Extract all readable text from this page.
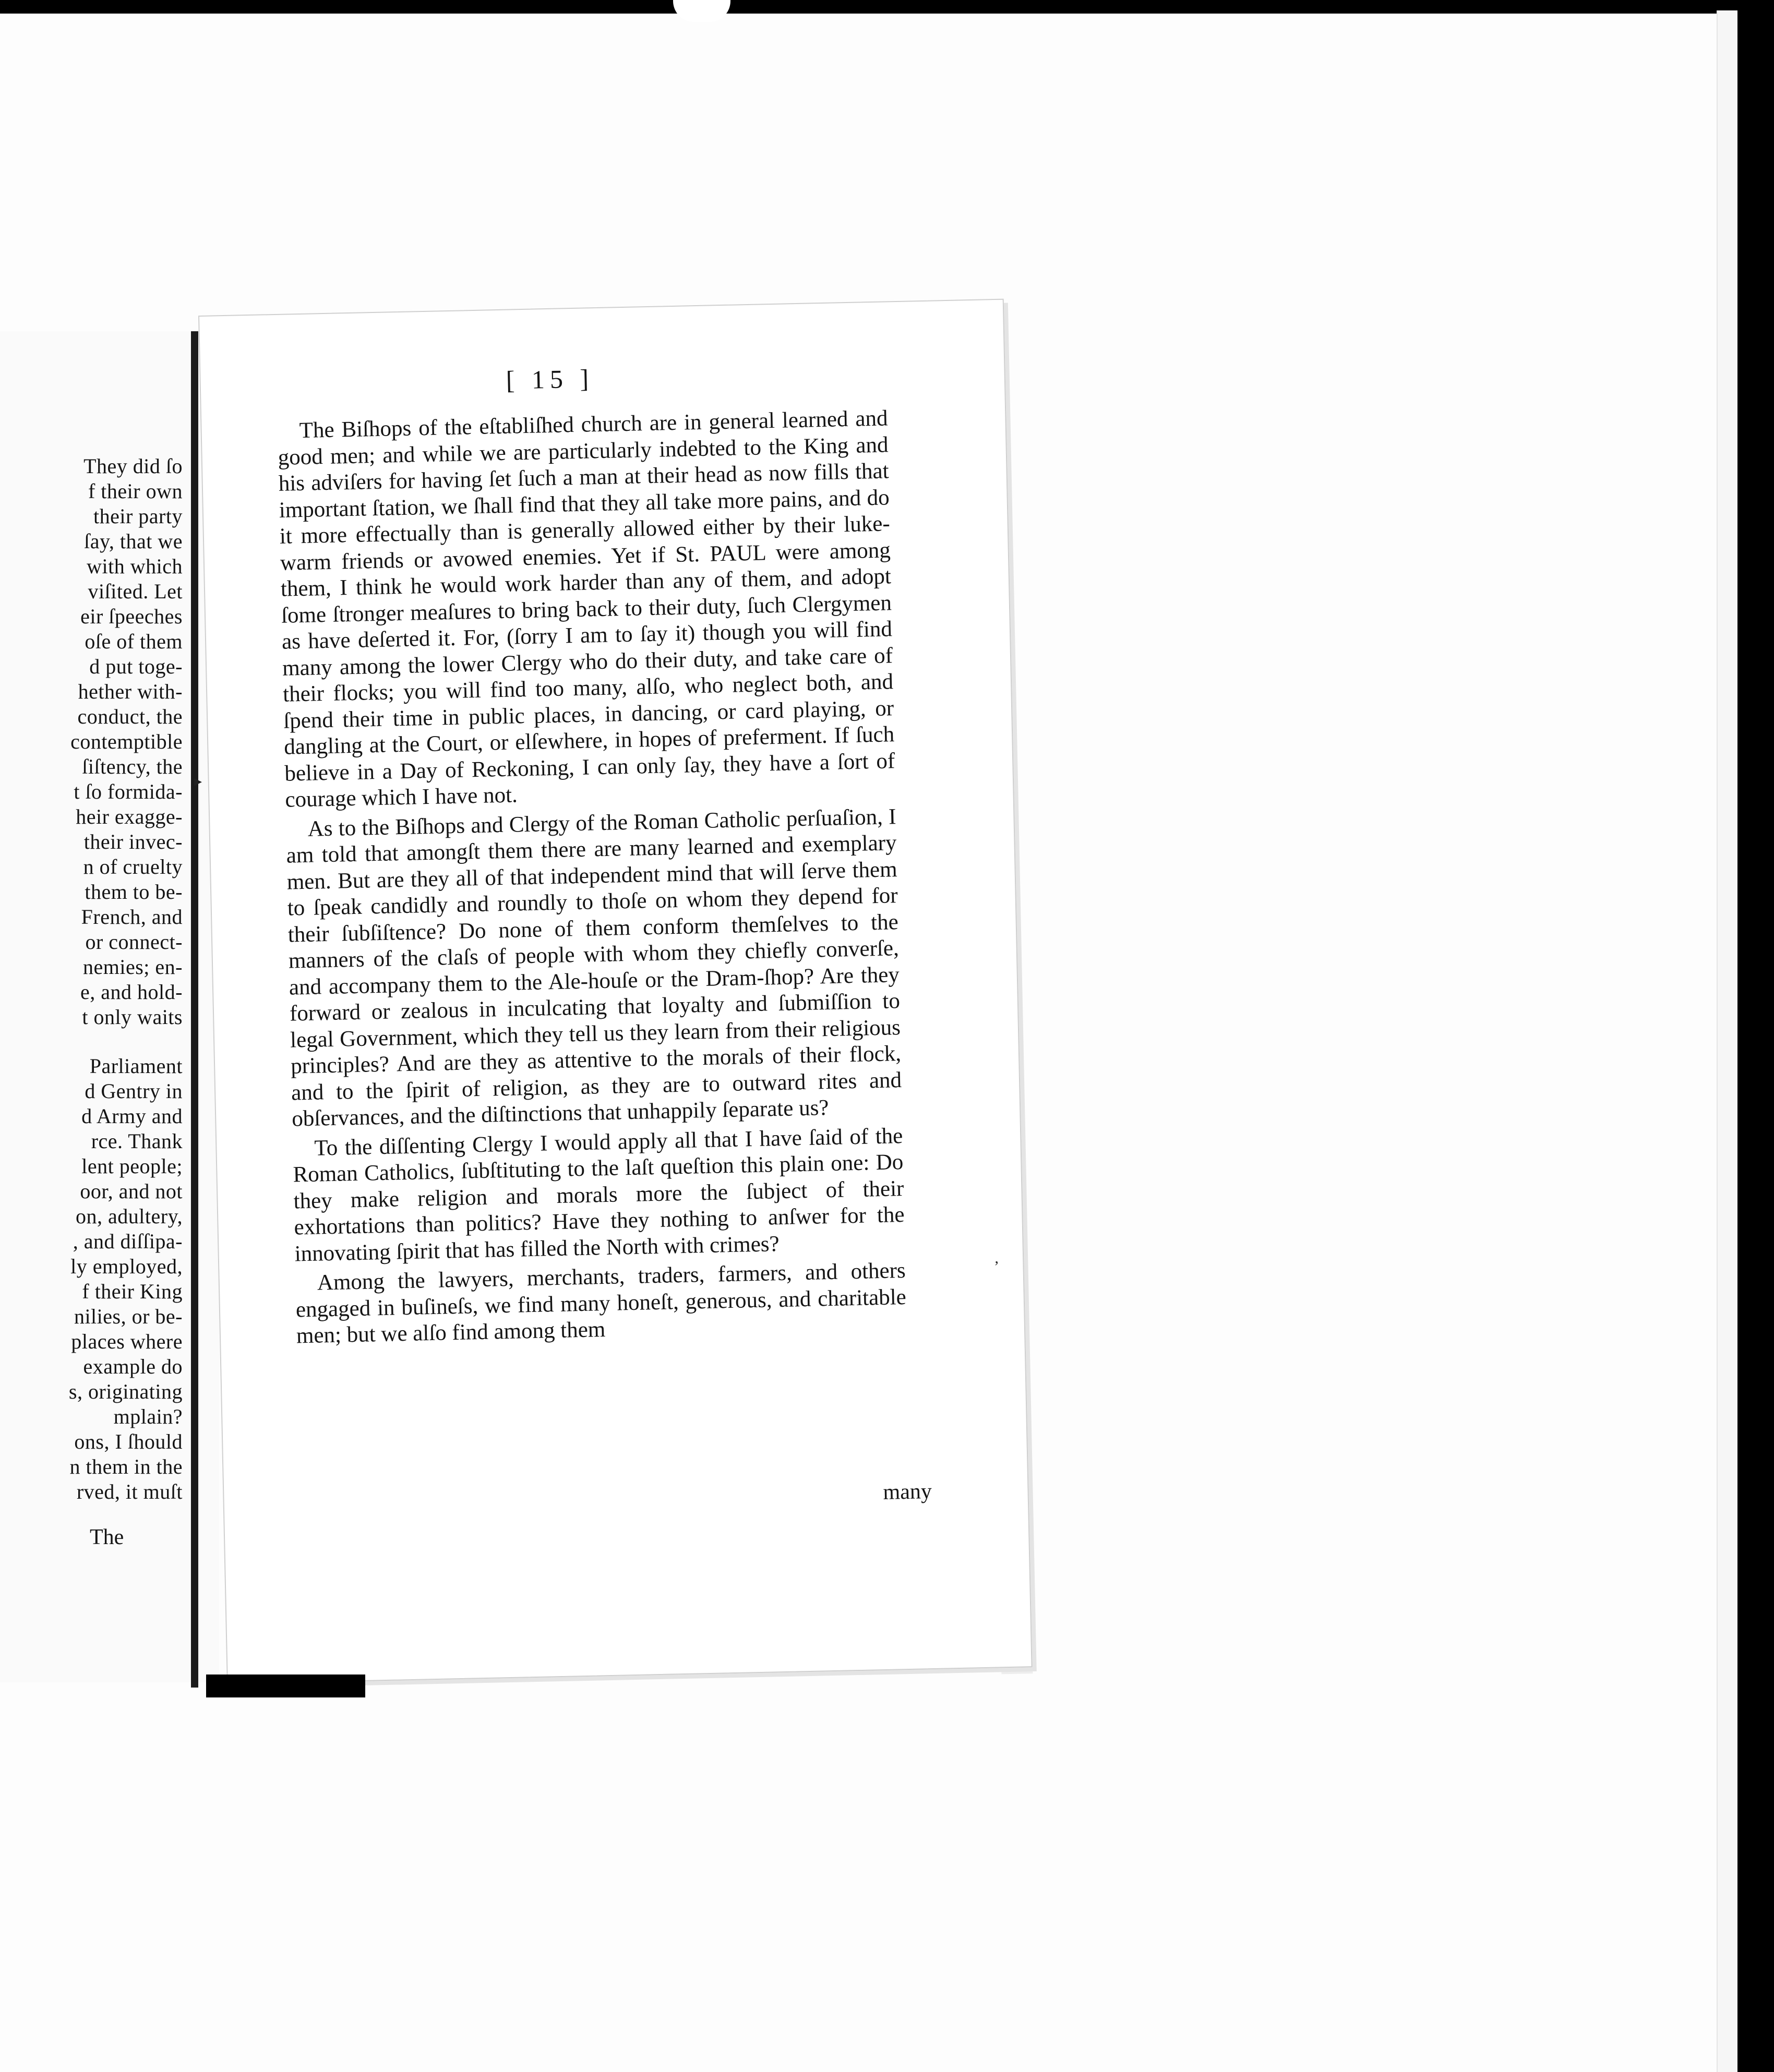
They did ſo
f their own
their party
ſay, that we
with which
viſited. Let
eir ſpeeches
oſe of them
d put toge-
hether with-
conduct, the
contemptible
ſiſtency, the
t ſo formida-
heir exagge-
their invec-
n of cruelty
them to be-
French, and
or connect-
nemies; en-
e, and hold-
t only waits
Parliament
d Gentry in
d Army and
rce. Thank
lent people;
oor, and not
on, adultery,
, and diſſipa-
ly employed,
f their King
nilies, or be-
places where
example do
s, originating
mplain?
ons, I ſhould
n them in the
rved, it muſt
The
[ 15 ]

The Biſhops of the eſtabliſhed church are in general learned and good men; and while we are particularly indebted to the King and his adviſers for having ſet ſuch a man at their head as now fills that important ſtation, we ſhall find that they all take more pains, and do it more effectually than is generally allowed either by their luke-warm friends or avowed enemies. Yet if St. PAUL were among them, I think he would work harder than any of them, and adopt ſome ſtronger meaſures to bring back to their duty, ſuch Clergymen as have deſerted it. For, (ſorry I am to ſay it) though you will find many among the lower Clergy who do their duty, and take care of their flocks; you will find too many, alſo, who neglect both, and ſpend their time in public places, in dancing, or card playing, or dangling at the Court, or elſewhere, in hopes of preferment. If ſuch believe in a Day of Reckoning, I can only ſay, they have a ſort of courage which I have not.

As to the Biſhops and Clergy of the Roman Catholic perſuaſion, I am told that amongſt them there are many learned and exemplary men. But are they all of that independent mind that will ſerve them to ſpeak candidly and roundly to thoſe on whom they depend for their ſubſiſtence? Do none of them conform themſelves to the manners of the claſs of people with whom they chiefly converſe, and accompany them to the Ale-houſe or the Dram-ſhop? Are they forward or zealous in inculcating that loyalty and ſubmiſſion to legal Government, which they tell us they learn from their religious principles? And are they as attentive to the morals of their flock, and to the ſpirit of religion, as they are to outward rites and obſervances, and the diſtinctions that unhappily ſeparate us?

To the diſſenting Clergy I would apply all that I have ſaid of the Roman Catholics, ſubſtituting to the laſt queſtion this plain one: Do they make religion and morals more the ſubject of their exhortations than politics? Have they nothing to anſwer for the innovating ſpirit that has filled the North with crimes?

Among the lawyers, merchants, traders, farmers, and others engaged in buſineſs, we find many honeſt, generous, and charitable men; but we alſo find among them

many
▸
‚
